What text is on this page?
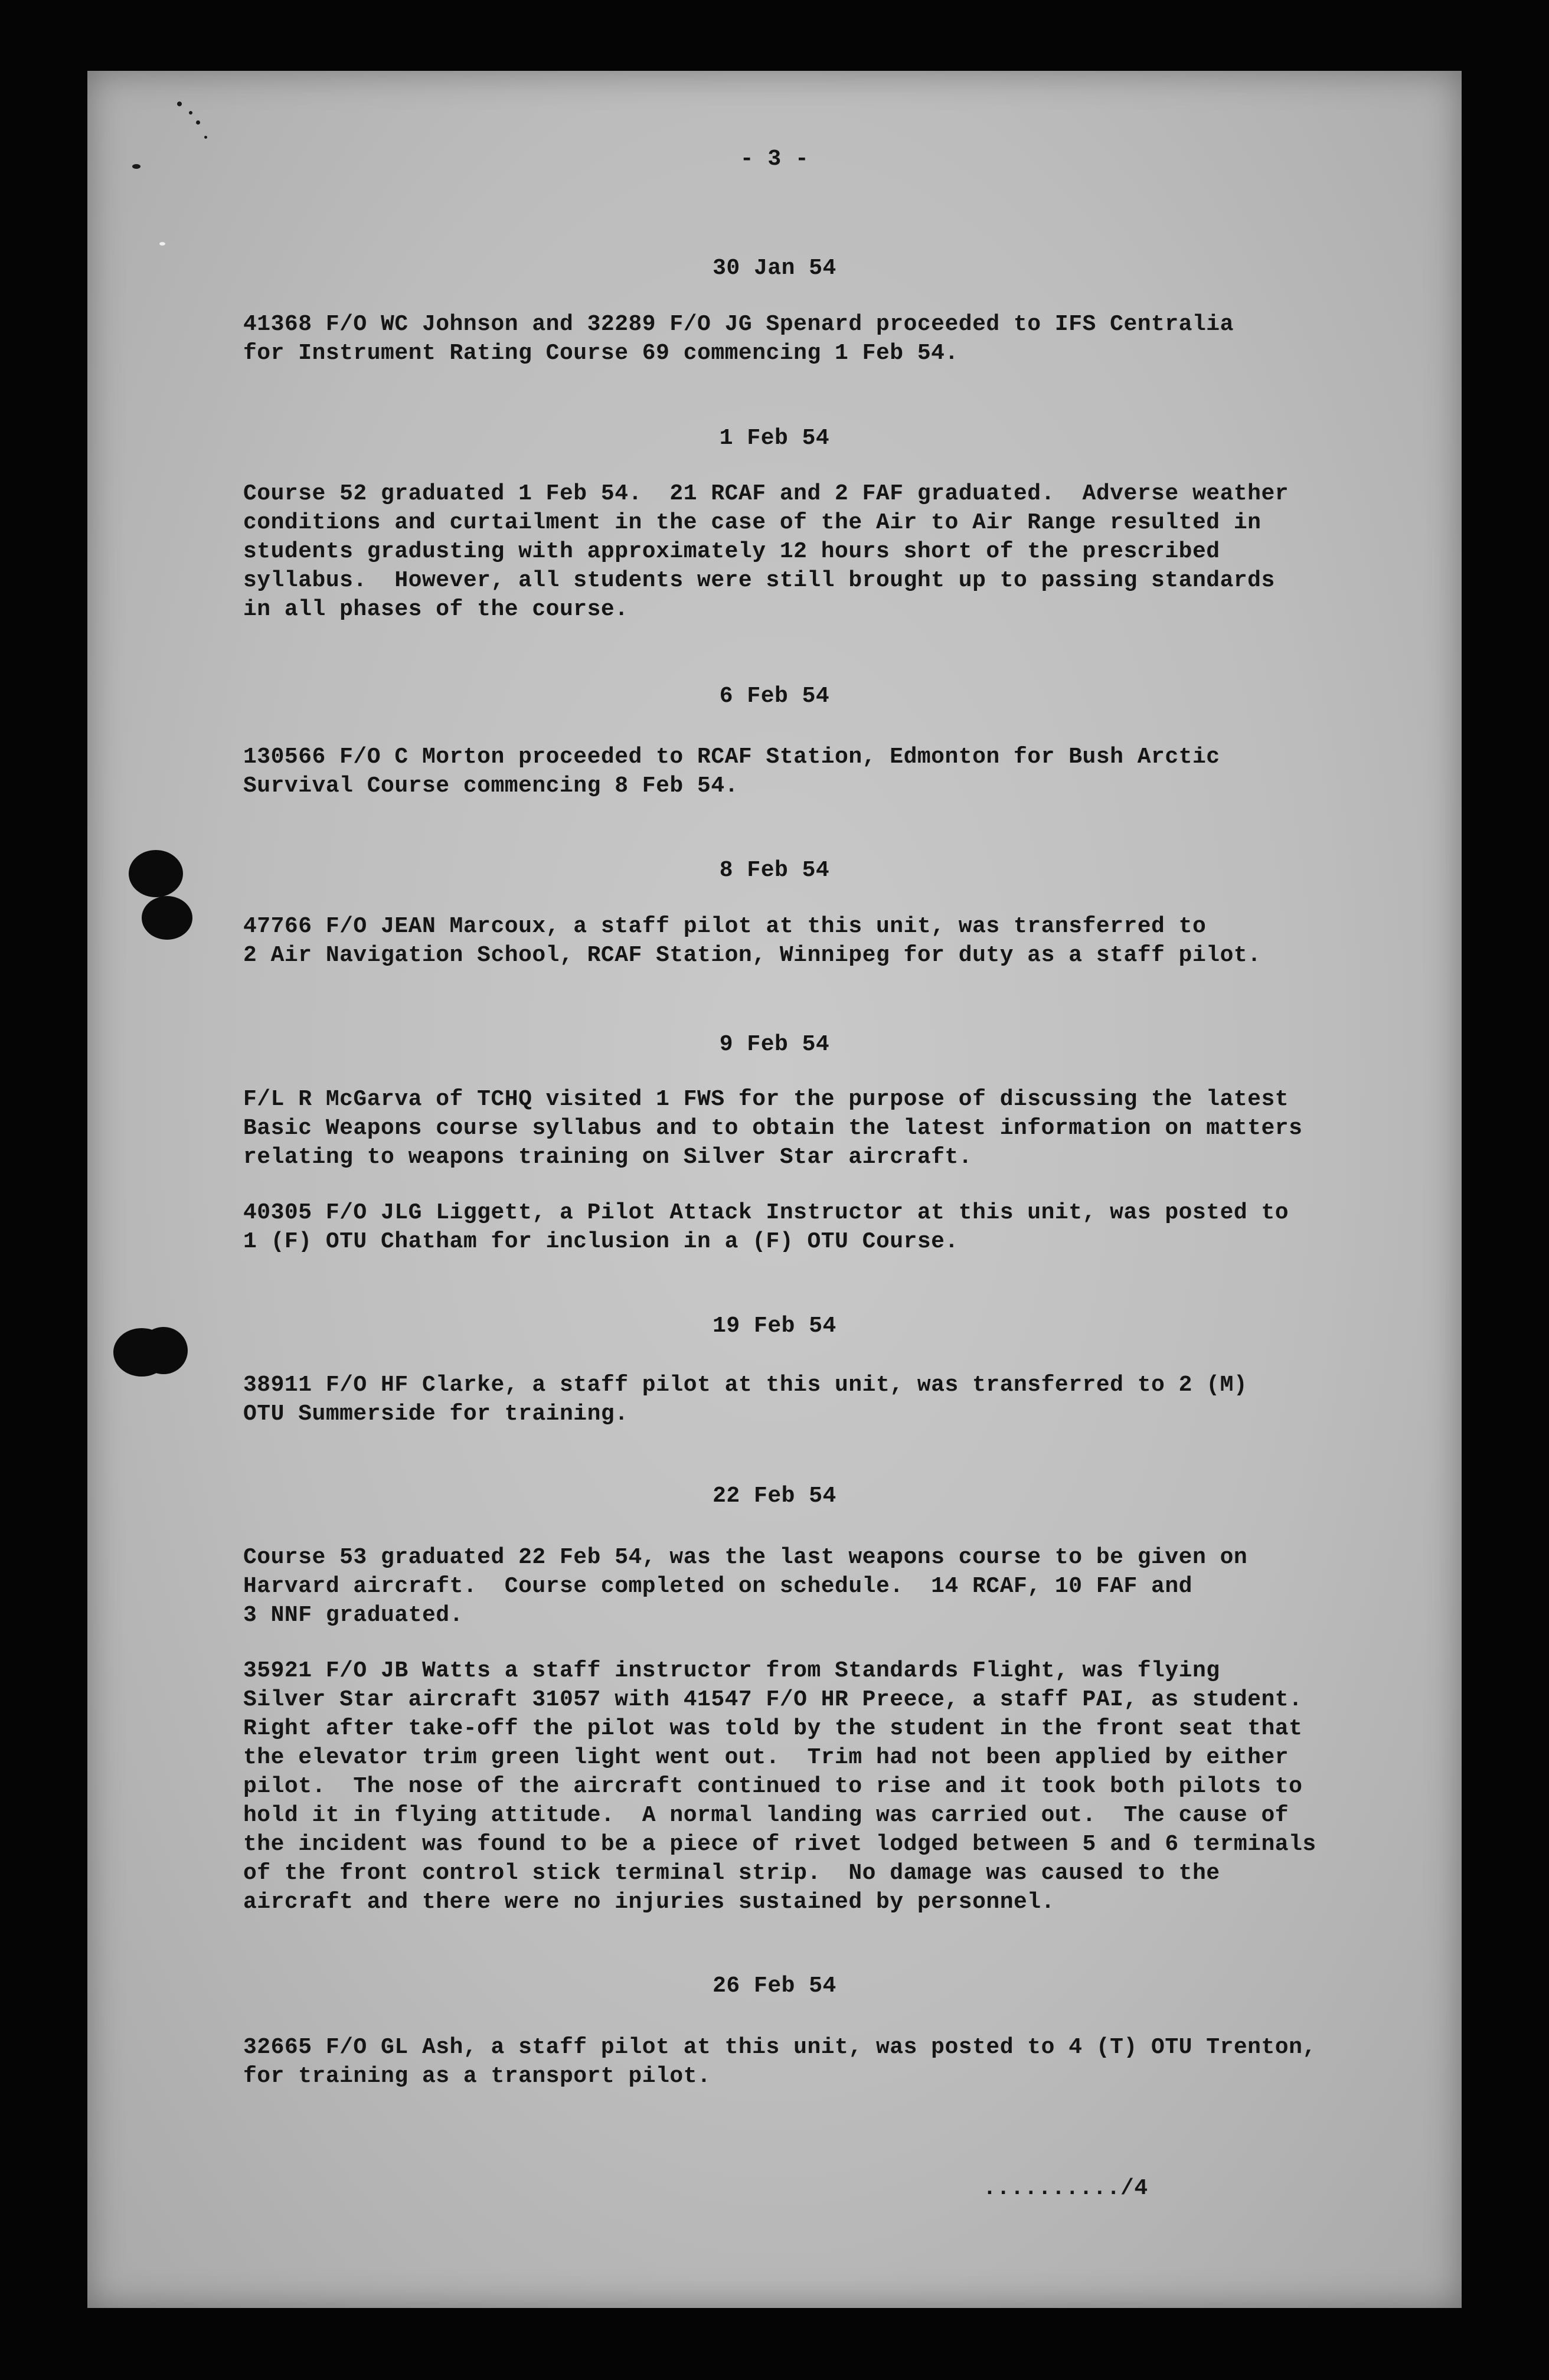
- 3 -
30 Jan 54
41368 F/O WC Johnson and 32289 F/O JG Spenard proceeded to IFS Centralia
for Instrument Rating Course 69 commencing 1 Feb 54.
1 Feb 54
Course 52 graduated 1 Feb 54.  21 RCAF and 2 FAF graduated.  Adverse weather
conditions and curtailment in the case of the Air to Air Range resulted in
students gradusting with approximately 12 hours short of the prescribed
syllabus.  However, all students were still brought up to passing standards
in all phases of the course.
6 Feb 54
130566 F/O C Morton proceeded to RCAF Station, Edmonton for Bush Arctic
Survival Course commencing 8 Feb 54.
8 Feb 54
47766 F/O JEAN Marcoux, a staff pilot at this unit, was transferred to
2 Air Navigation School, RCAF Station, Winnipeg for duty as a staff pilot.
9 Feb 54
F/L R McGarva of TCHQ visited 1 FWS for the purpose of discussing the latest
Basic Weapons course syllabus and to obtain the latest information on matters
relating to weapons training on Silver Star aircraft.
40305 F/O JLG Liggett, a Pilot Attack Instructor at this unit, was posted to
1 (F) OTU Chatham for inclusion in a (F) OTU Course.
19 Feb 54
38911 F/O HF Clarke, a staff pilot at this unit, was transferred to 2 (M)
OTU Summerside for training.
22 Feb 54
Course 53 graduated 22 Feb 54, was the last weapons course to be given on
Harvard aircraft.  Course completed on schedule.  14 RCAF, 10 FAF and
3 NNF graduated.
35921 F/O JB Watts a staff instructor from Standards Flight, was flying
Silver Star aircraft 31057 with 41547 F/O HR Preece, a staff PAI, as student.
Right after take-off the pilot was told by the student in the front seat that
the elevator trim green light went out.  Trim had not been applied by either
pilot.  The nose of the aircraft continued to rise and it took both pilots to
hold it in flying attitude.  A normal landing was carried out.  The cause of
the incident was found to be a piece of rivet lodged between 5 and 6 terminals
of the front control stick terminal strip.  No damage was caused to the
aircraft and there were no injuries sustained by personnel.
26 Feb 54
32665 F/O GL Ash, a staff pilot at this unit, was posted to 4 (T) OTU Trenton,
for training as a transport pilot.
........../4
